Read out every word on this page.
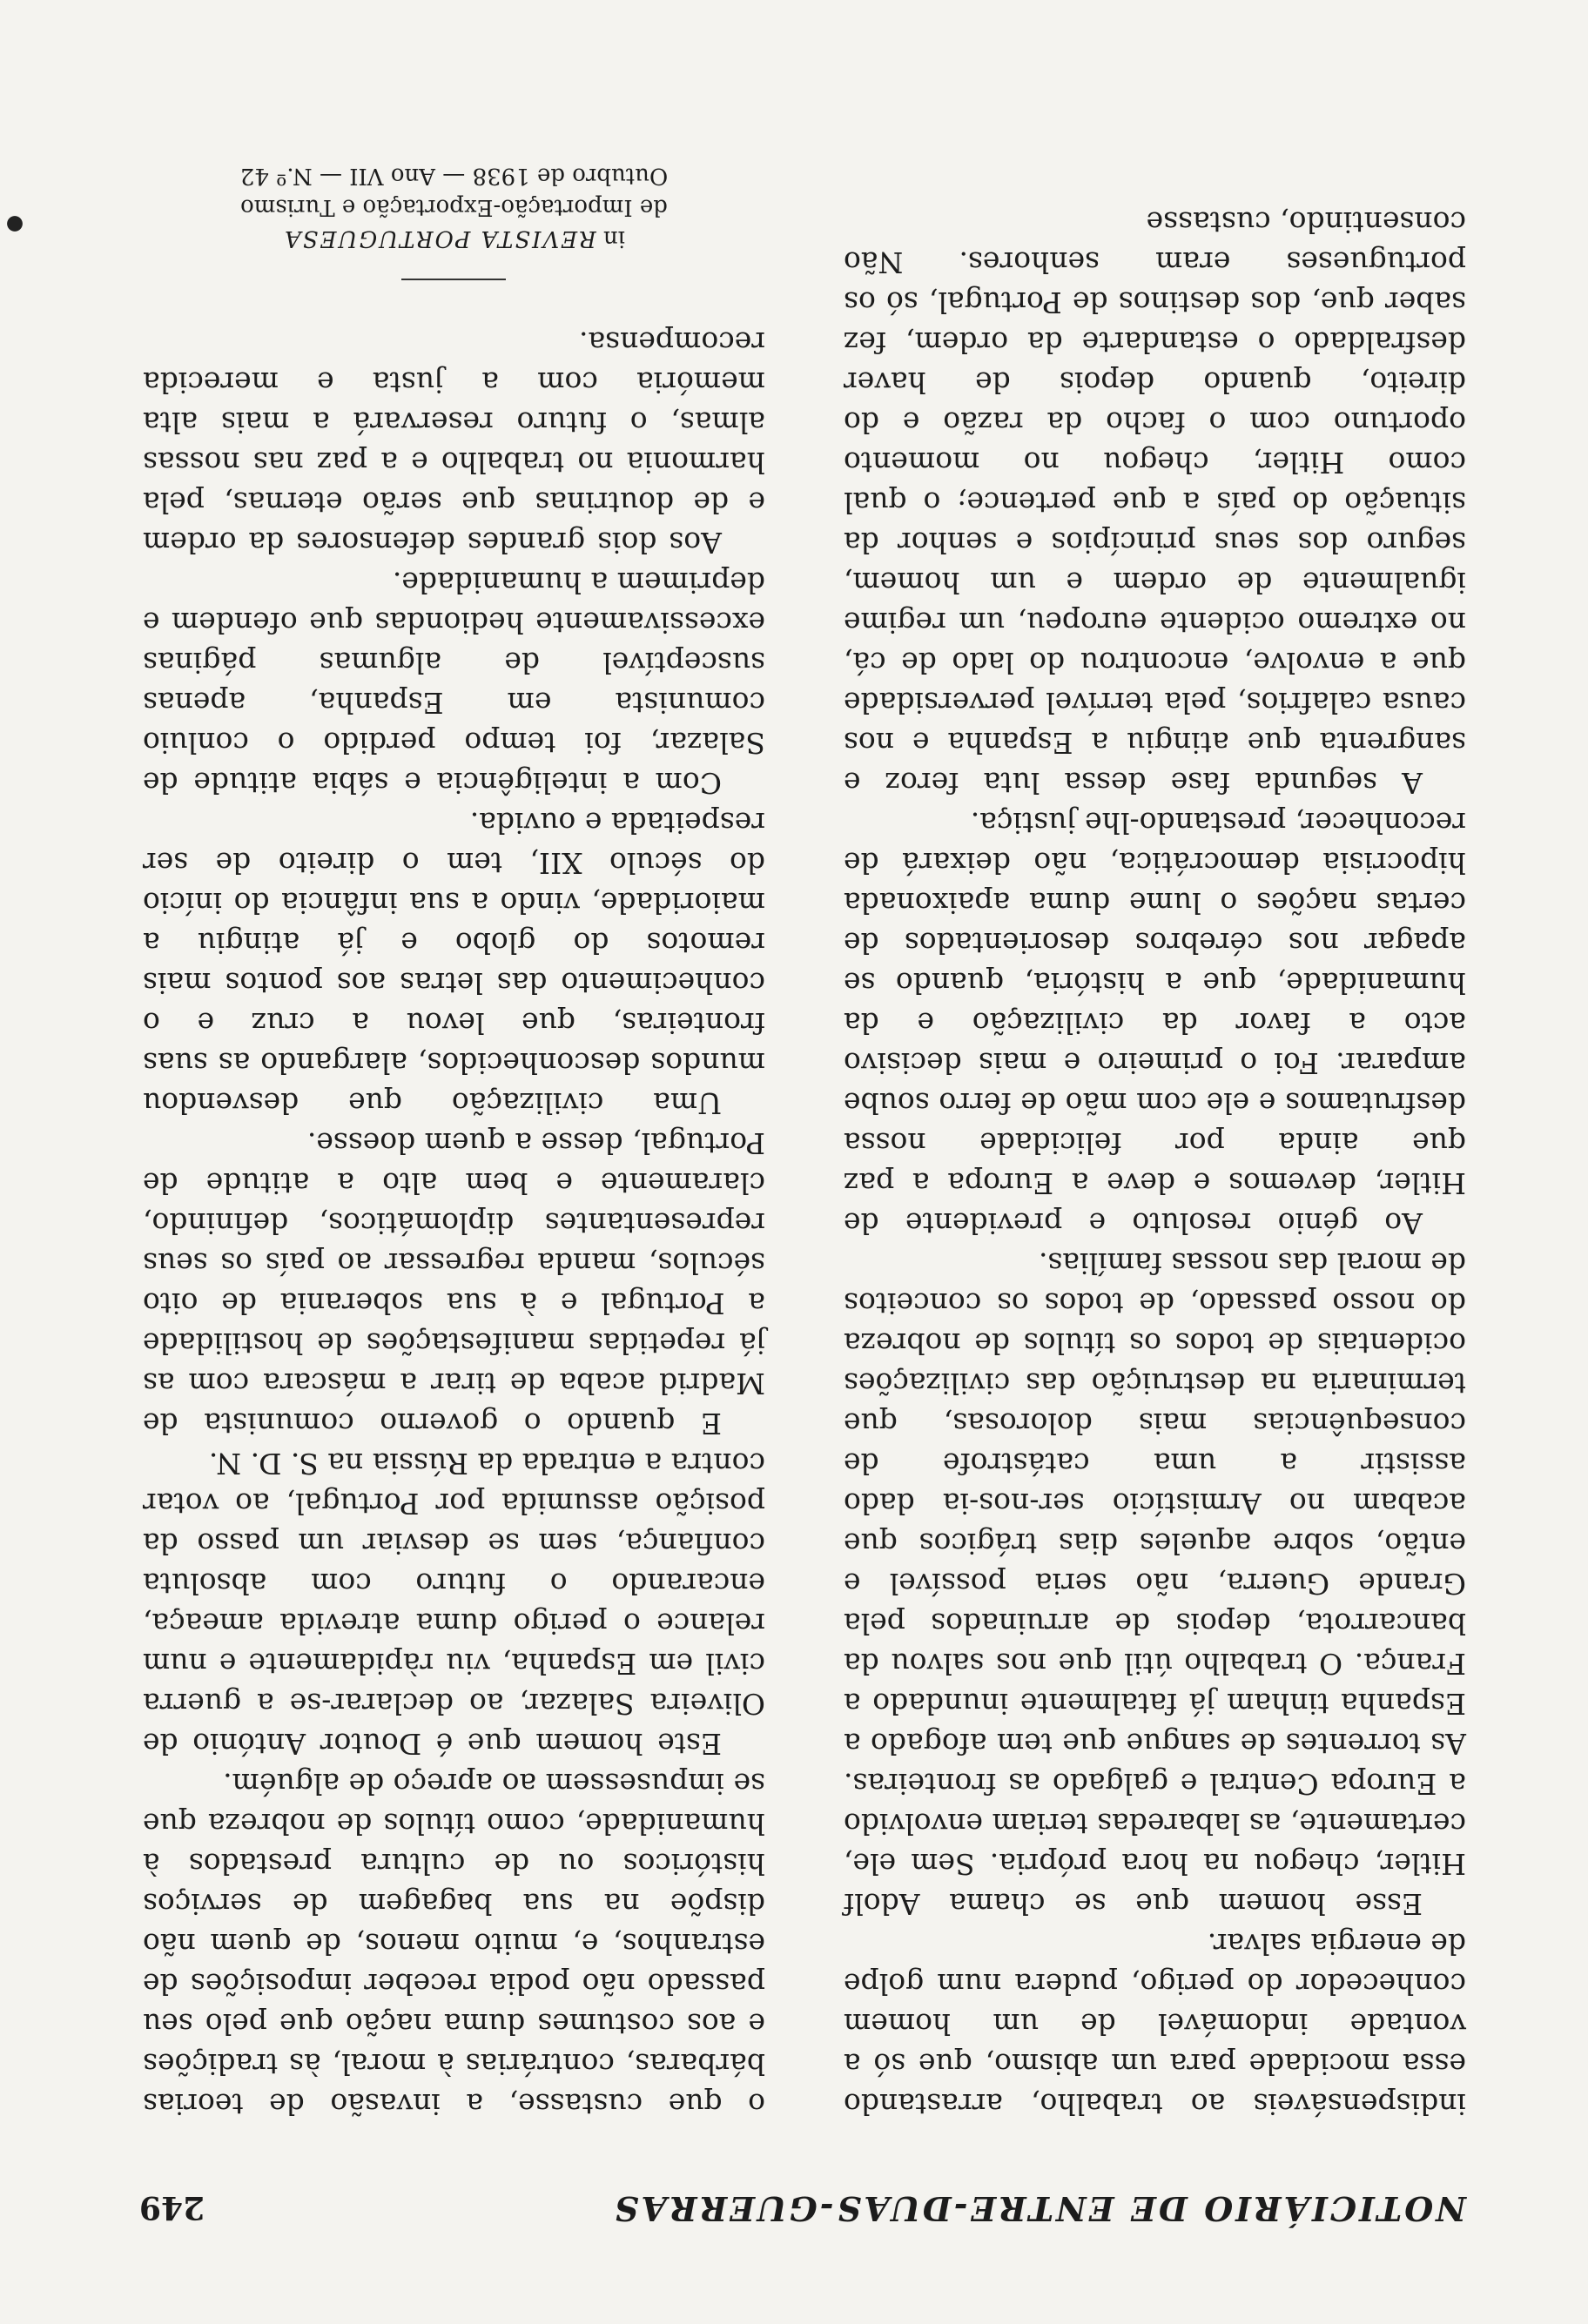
NOTICIÁRIO DE ENTRE-DUAS-GUERRAS
249

indispensáveis ao trabalho, arrastando essa mocidade para um abismo, que só a vontade indomável de um homem conhecedor do perigo, pudera num golpe de energia salvar.

Esse homem que se chama Adolf Hitler, chegou na hora própria. Sem ele, certamente, as labaredas teriam envolvido a Europa Central e galgado as fronteiras. As torrentes de sangue que tem afogado a Espanha tinham já fatalmente inundado a França. O trabalho útil que nos salvou da bancarrota, depois de arruinados pela Grande Guerra, não seria possível e então, sobre aqueles dias trágicos que acabam no Armistício ser-nos-ia dado assistir a uma catástrofe de consequências mais dolorosas, que terminaria na destruição das civilizações ocidentais de todos os títulos de nobreza do nosso passado, de todos os conceitos de moral das nossas famílias.

Ao génio resoluto e previdente de Hitler, devemos e deve a Europa a paz que ainda por felicidade nossa desfrutamos e ele com mão de ferro soube amparar. Foi o primeiro e mais decisivo acto a favor da civilização e da humanidade, que a história, quando se apagar nos cérebros desorientados de certas nações o lume duma apaixonada hipocrisia democrática, não deixará de reconhecer, prestando-lhe justiça.

A segunda fase dessa luta feroz e sangrenta que atingiu a Espanha e nos causa calafrios, pela terrível perversidade que a envolve, encontrou do lado de cá, no extremo ocidente europeu, um regime igualmente de ordem e um homem, seguro dos seus princípios e senhor da situação do país a que pertence; o qual como Hitler, chegou no momento oportuno com o facho da razão e do direito, quando depois de haver desfraldado o estandarte da ordem, fez saber que, dos destinos de Portugal, só os portugueses eram senhores. Não consentindo, custasse

o que custasse, a invasão de teorias bárbaras, contrárias à moral, às tradições e aos costumes duma nação que pelo seu passado não podia receber imposições de estranhos, e, muito menos, de quem não dispõe na sua bagagem de serviços históricos ou de cultura prestados à humanidade, como títulos de nobreza que se impusessem ao apreço de alguém.

Este homem que é Doutor António de Oliveira Salazar, ao declarar-se a guerra civil em Espanha, viu ràpidamente e num relance o perigo duma atrevida ameaça, encarando o futuro com absoluta confiança, sem se desviar um passo da posição assumida por Portugal, ao votar contra a entrada da Rússia na S. D. N.

E quando o governo comunista de Madrid acaba de tirar a máscara com as já repetidas manifestações de hostilidade a Portugal e à sua soberania de oito séculos, manda regressar ao país os seus representantes diplomáticos, definindo, claramente e bem alto a atitude de Portugal, desse a quem doesse.

Uma civilização que desvendou mundos desconhecidos, alargando as suas fronteiras, que levou a cruz e o conhecimento das letras aos pontos mais remotos do globo e já atingiu a maioridade, vindo a sua infância do início do século XII, tem o direito de ser respeitada e ouvida.

Com a inteligência e sábia atitude de Salazar, foi tempo perdido o conluio comunista em Espanha, apenas susceptível de algumas páginas excessivamente hediondas que ofendem e deprimem a humanidade.

Aos dois grandes defensores da ordem e de doutrinas que serão eternas, pela harmonia no trabalho e a paz nas nossas almas, o futuro reservará a mais alta memória com a justa e merecida recompensa.

in REVISTA PORTUGUESA
de Importação-Exportação e Turismo
Outubro de 1938 — Ano VII — N.º 42
